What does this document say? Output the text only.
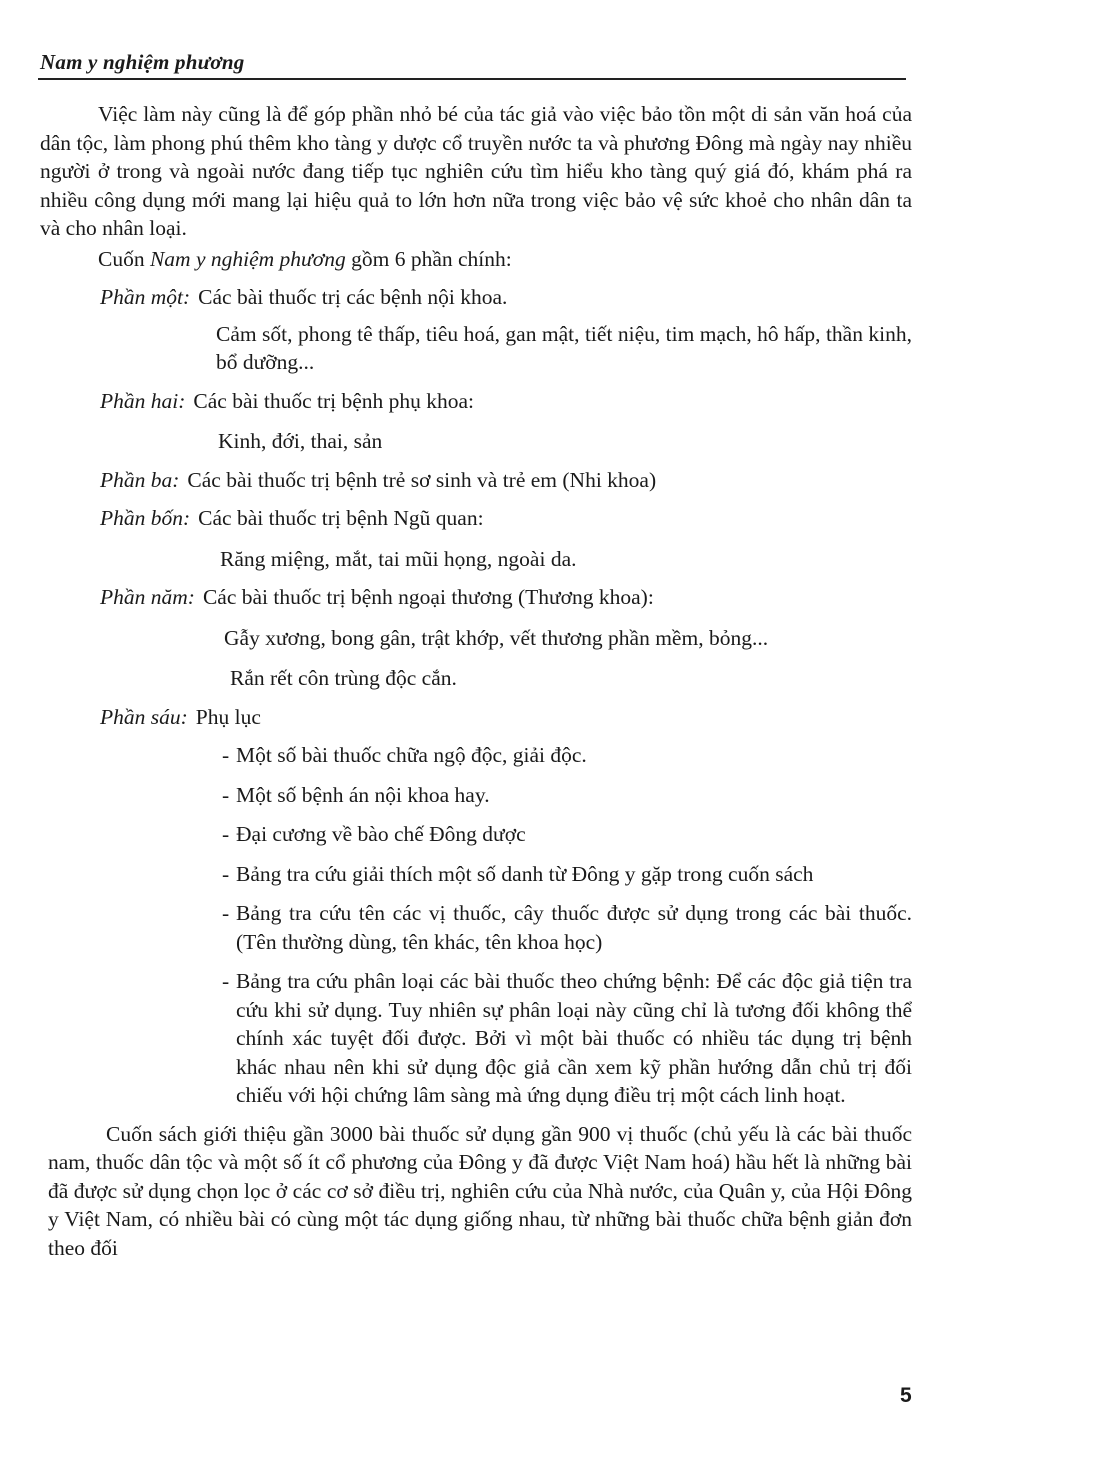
Nam y nghiệm phương

Việc làm này cũng là để góp phần nhỏ bé của tác giả vào việc bảo tồn một di sản văn hoá của dân tộc, làm phong phú thêm kho tàng y dược cổ truyền nước ta và phương Đông mà ngày nay nhiều người ở trong và ngoài nước đang tiếp tục nghiên cứu tìm hiểu kho tàng quý giá đó, khám phá ra nhiều công dụng mới mang lại hiệu quả to lớn hơn nữa trong việc bảo vệ sức khoẻ cho nhân dân ta và cho nhân loại.

Cuốn Nam y nghiệm phương gồm 6 phần chính:

Phần một: Các bài thuốc trị các bệnh nội khoa.

Cảm sốt, phong tê thấp, tiêu hoá, gan mật, tiết niệu, tim mạch, hô hấp, thần kinh, bổ dưỡng...

Phần hai: Các bài thuốc trị bệnh phụ khoa:

Kinh, đới, thai, sản

Phần ba: Các bài thuốc trị bệnh trẻ sơ sinh và trẻ em (Nhi khoa)
Phần bốn: Các bài thuốc trị bệnh Ngũ quan:

Răng miệng, mắt, tai mũi họng, ngoài da.

Phần năm: Các bài thuốc trị bệnh ngoại thương (Thương khoa):

Gẫy xương, bong gân, trật khớp, vết thương phần mềm, bỏng...

Rắn rết côn trùng độc cắn.

Phần sáu: Phụ lục
- Một số bài thuốc chữa ngộ độc, giải độc.
- Một số bệnh án nội khoa hay.
- Đại cương về bào chế Đông dược
- Bảng tra cứu giải thích một số danh từ Đông y gặp trong cuốn sách
- Bảng tra cứu tên các vị thuốc, cây thuốc được sử dụng trong các bài thuốc. (Tên thường dùng, tên khác, tên khoa học)
- Bảng tra cứu phân loại các bài thuốc theo chứng bệnh: Để các độc giả tiện tra cứu khi sử dụng. Tuy nhiên sự phân loại này cũng chỉ là tương đối không thể chính xác tuyệt đối được. Bởi vì một bài thuốc có nhiều tác dụng trị bệnh khác nhau nên khi sử dụng độc giả cần xem kỹ phần hướng dẫn chủ trị đối chiếu với hội chứng lâm sàng mà ứng dụng điều trị một cách linh hoạt.

Cuốn sách giới thiệu gần 3000 bài thuốc sử dụng gần 900 vị thuốc (chủ yếu là các bài thuốc nam, thuốc dân tộc và một số ít cổ phương của Đông y đã được Việt Nam hoá) hầu hết là những bài đã được sử dụng chọn lọc ở các cơ sở điều trị, nghiên cứu của Nhà nước, của Quân y, của Hội Đông y Việt Nam, có nhiều bài có cùng một tác dụng giống nhau, từ những bài thuốc chữa bệnh giản đơn theo đối

5
